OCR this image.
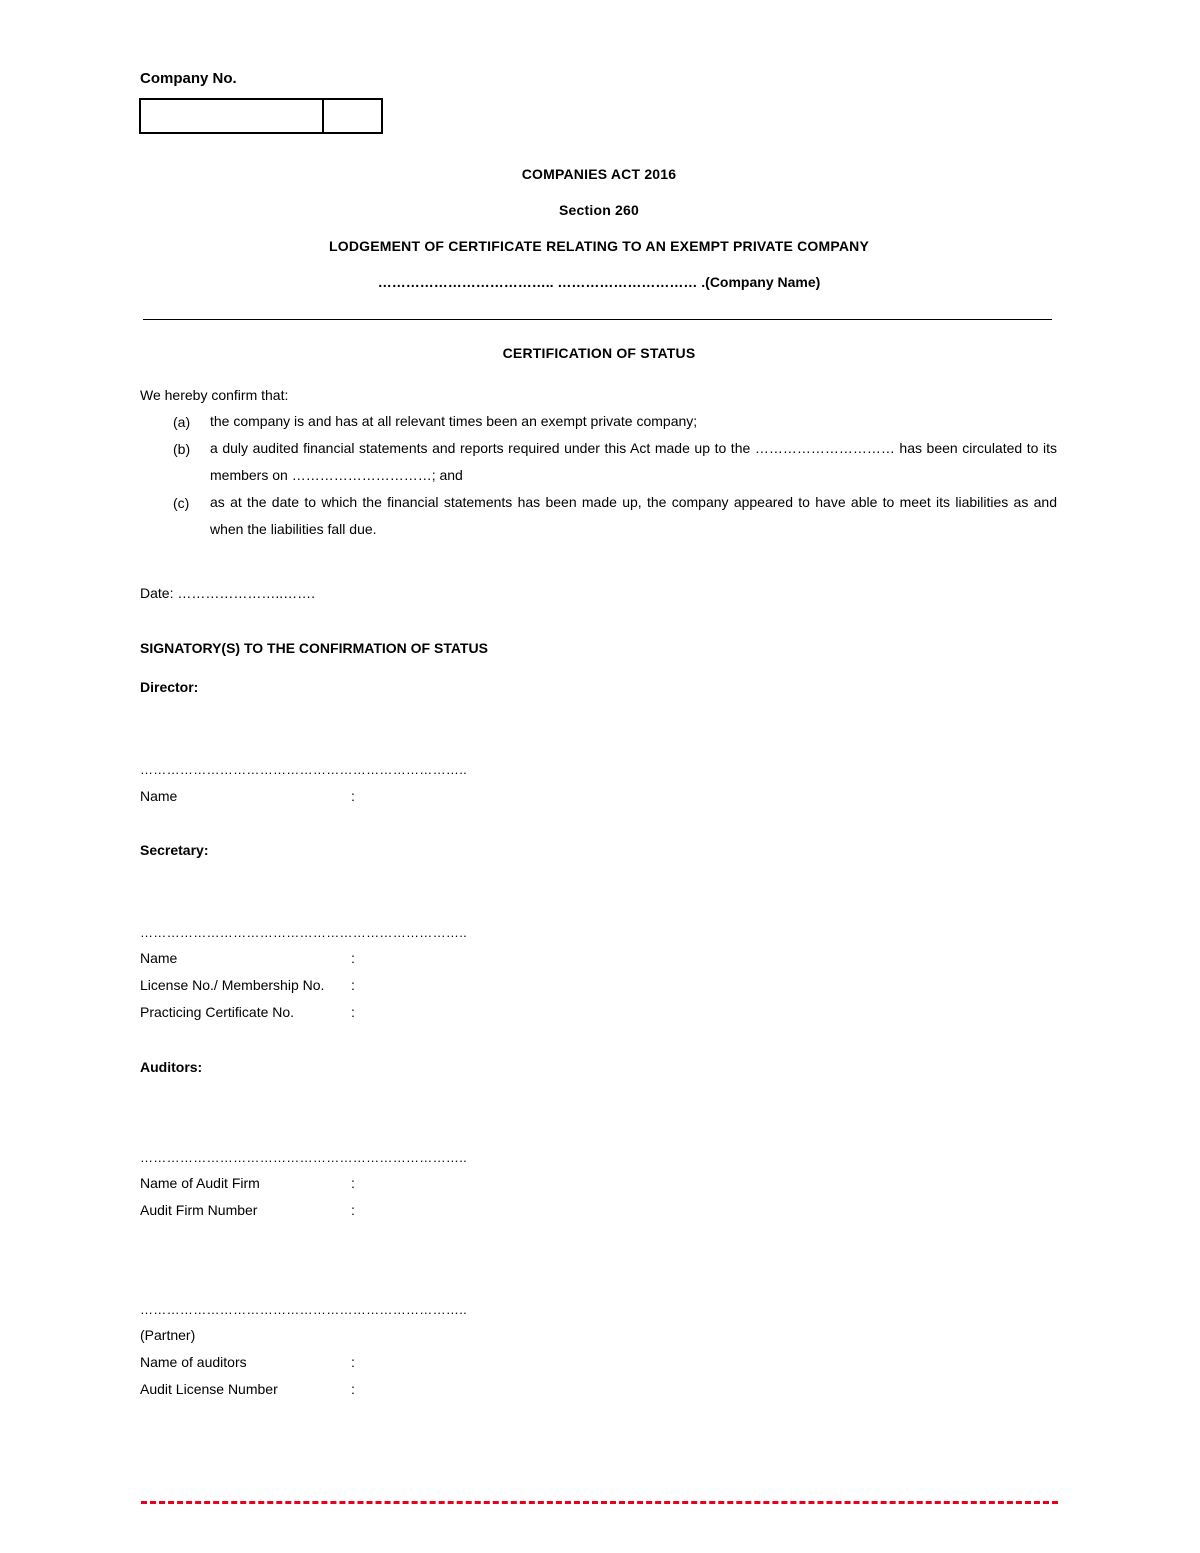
Company No.
COMPANIES ACT 2016
Section 260
LODGEMENT OF CERTIFICATE RELATING TO AN EXEMPT PRIVATE COMPANY
……………………………….. ………………………… .(Company Name)
CERTIFICATION OF STATUS
We hereby confirm that:
(a) the company is and has at all relevant times been an exempt private company;
(b) a duly audited financial statements and reports required under this Act made up to the ………………………… has been circulated to its members on …………………………; and
(c) as at the date to which the financial statements has been made up, the company appeared to have able to meet its liabilities as and when the liabilities fall due.
Date: …………………..…….
SIGNATORY(S) TO THE CONFIRMATION OF STATUS
Director:
………………………………………………………………..
Name	:
Secretary:
………………………………………………………………..
Name	:
License No./ Membership No. :
Practicing Certificate No.	:
Auditors:
………………………………………………………………..
Name of Audit Firm	:
Audit Firm Number	:
………………………………………………………………..
(Partner)
Name of auditors	:
Audit License Number	:
